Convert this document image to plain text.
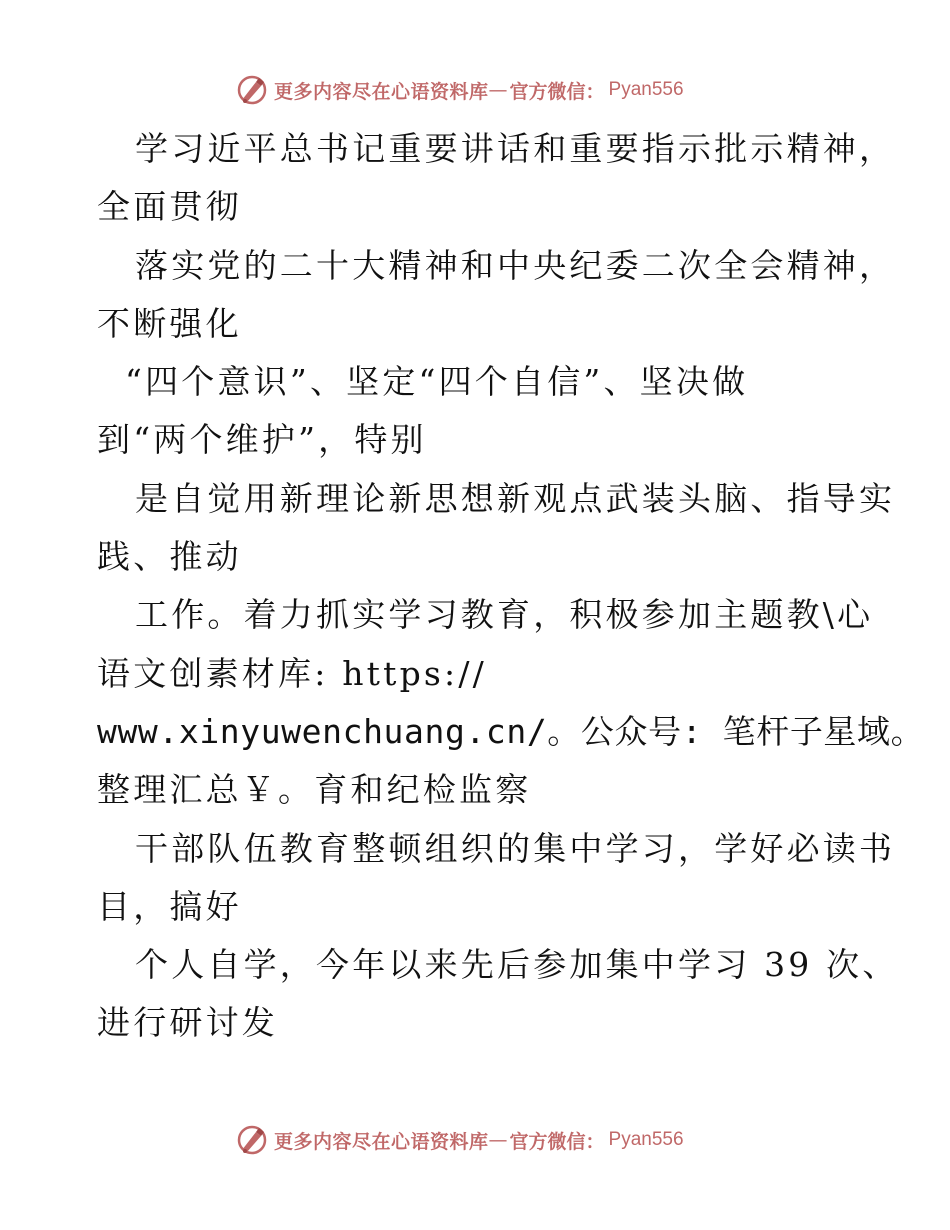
更多内容尽在心语资料库 — 官方微信： Pyan556
学习近平总书记重要讲话和重要指示批示精神，
全面贯彻
落实党的二十大精神和中央纪委二次全会精神，
不断强化
“四个意识”、坚定“四个自信”、坚决做
到“两个维护”，特别
是自觉用新理论新思想新观点武装头脑、指导实
践、推动
工作。着力抓实学习教育，积极参加主题教\心
语文创素材库: https://
www.xinyuwenchuang.cn/。公众号: 笔杆子星域。
整理汇总￥。育和纪检监察
干部队伍教育整顿组织的集中学习，学好必读书
目，搞好
个人自学，今年以来先后参加集中学习 39 次、
进行研讨发
更多内容尽在心语资料库 — 官方微信： Pyan556
